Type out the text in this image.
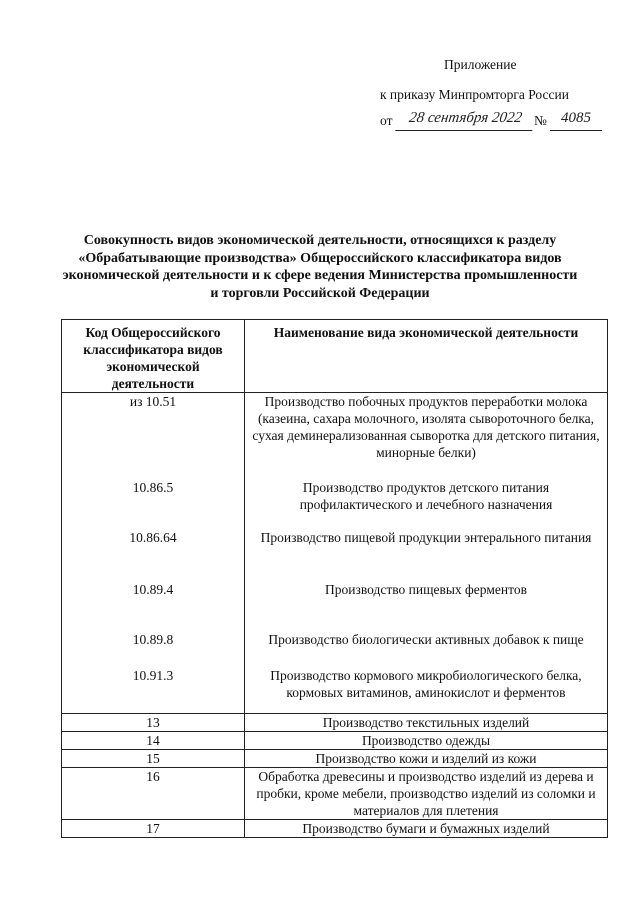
Приложение
к приказу Минпромторга России
от	28 сентября 2022 № 4085
Совокупность видов экономической деятельности, относящихся к разделу «Обрабатывающие производства» Общероссийского классификатора видов экономической деятельности и к сфере ведения Министерства промышленности и торговли Российской Федерации
Код Общероссийского классификатора видов экономической деятельности	Наименование вида экономической деятельности
из 10.51	Производство побочных продуктов переработки молока (казеина, сахара молочного, изолята сывороточного белка, сухая деминерализованная сыворотка для детского питания, минорные белки)
10.86.5	Производство продуктов детского питания профилактического и лечебного назначения
10.86.64	Производство пищевой продукции энтерального питания
10.89.4	Производство пищевых ферментов
10.89.8	Производство биологически активных добавок к пище
10.91.3	Производство кормового микробиологического белка, кормовых витаминов, аминокислот и ферментов
13	Производство текстильных изделий
14	Производство одежды
15	Производство кожи и изделий из кожи
16	Обработка древесины и производство изделий из дерева и пробки, кроме мебели, производство изделий из соломки и материалов для плетения
17	Производство бумаги и бумажных изделий
